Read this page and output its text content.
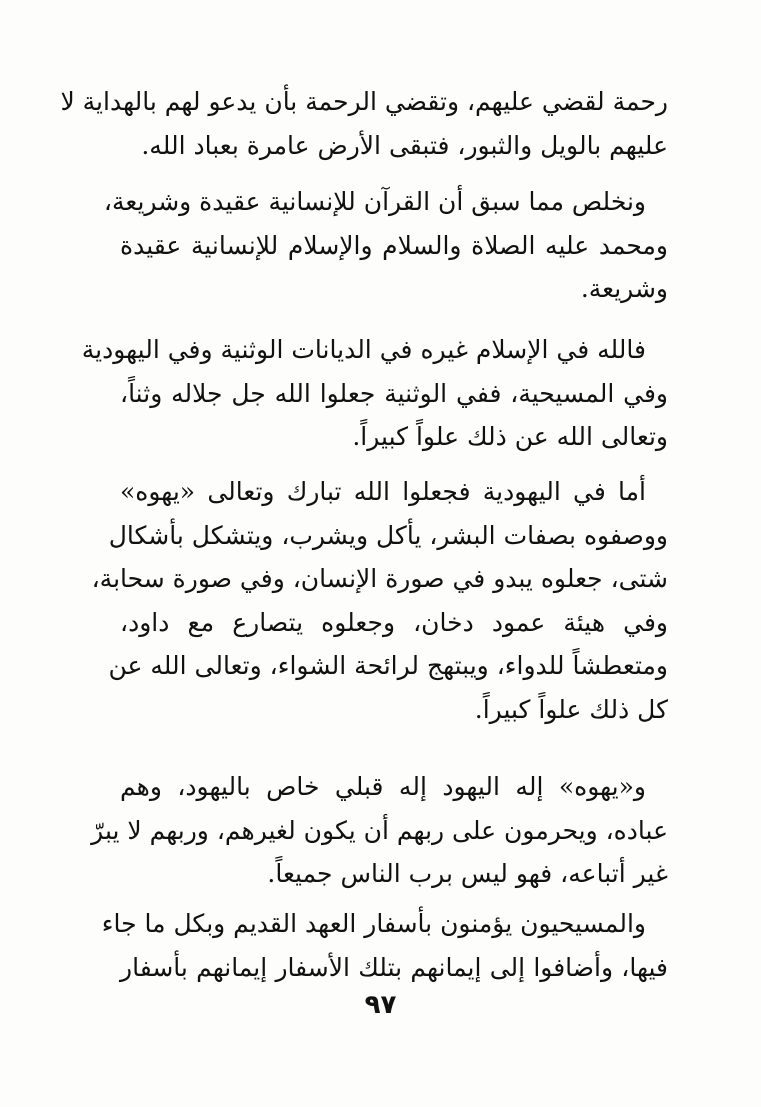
رحمة لقضي عليهم، وتقضي الرحمة بأن يدعو لهم بالهداية لا
عليهم بالويل والثبور، فتبقى الأرض عامرة بعباد الله.
ونخلص مما سبق أن القرآن للإنسانية عقيدة وشريعة،
ومحمد عليه الصلاة والسلام والإسلام للإنسانية عقيدة
وشريعة.
فالله في الإسلام غيره في الديانات الوثنية وفي اليهودية
وفي المسيحية، ففي الوثنية جعلوا الله جل جلاله وثناً،
وتعالى الله عن ذلك علواً كبيراً.
أما في اليهودية فجعلوا الله تبارك وتعالى «يهوه»
ووصفوه بصفات البشر، يأكل ويشرب، ويتشكل بأشكال
شتى، جعلوه يبدو في صورة الإنسان، وفي صورة سحابة،
وفي هيئة عمود دخان، وجعلوه يتصارع مع داود،
ومتعطشاً للدواء، ويبتهج لرائحة الشواء، وتعالى الله عن
كل ذلك علواً كبيراً.
و«يهوه» إله اليهود إله قبلي خاص باليهود، وهم
عباده، ويحرمون على ربهم أن يكون لغيرهم، وربهم لا يبرّ
غير أتباعه، فهو ليس برب الناس جميعاً.
والمسيحيون يؤمنون بأسفار العهد القديم وبكل ما جاء
فيها، وأضافوا إلى إيمانهم بتلك الأسفار إيمانهم بأسفار
٩٧
